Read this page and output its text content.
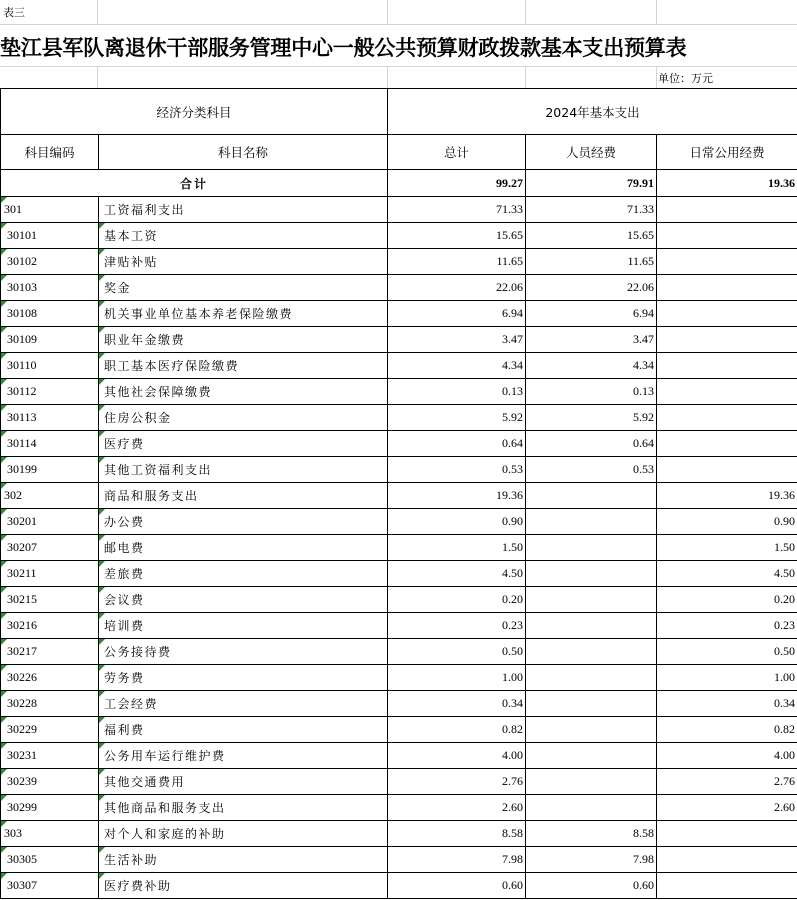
表三
垫江县军队离退休干部服务管理中心一般公共预算财政拨款基本支出预算表
单位：万元
经济分类科目		2024年基本支出		
科目编码	科目名称	总计	人员经费	日常公用经费
合计		99.27	79.91	19.36
301	工资福利支出	71.33	71.33	
30101	基本工资	15.65	15.65	
30102	津贴补贴	11.65	11.65	
30103	奖金	22.06	22.06	
30108	机关事业单位基本养老保险缴费	6.94	6.94	
30109	职业年金缴费	3.47	3.47	
30110	职工基本医疗保险缴费	4.34	4.34	
30112	其他社会保障缴费	0.13	0.13	
30113	住房公积金	5.92	5.92	
30114	医疗费	0.64	0.64	
30199	其他工资福利支出	0.53	0.53	
302	商品和服务支出	19.36		19.36
30201	办公费	0.90		0.90
30207	邮电费	1.50		1.50
30211	差旅费	4.50		4.50
30215	会议费	0.20		0.20
30216	培训费	0.23		0.23
30217	公务接待费	0.50		0.50
30226	劳务费	1.00		1.00
30228	工会经费	0.34		0.34
30229	福利费	0.82		0.82
30231	公务用车运行维护费	4.00		4.00
30239	其他交通费用	2.76		2.76
30299	其他商品和服务支出	2.60		2.60
303	对个人和家庭的补助	8.58	8.58	
30305	生活补助	7.98	7.98	
30307	医疗费补助	0.60	0.60	
